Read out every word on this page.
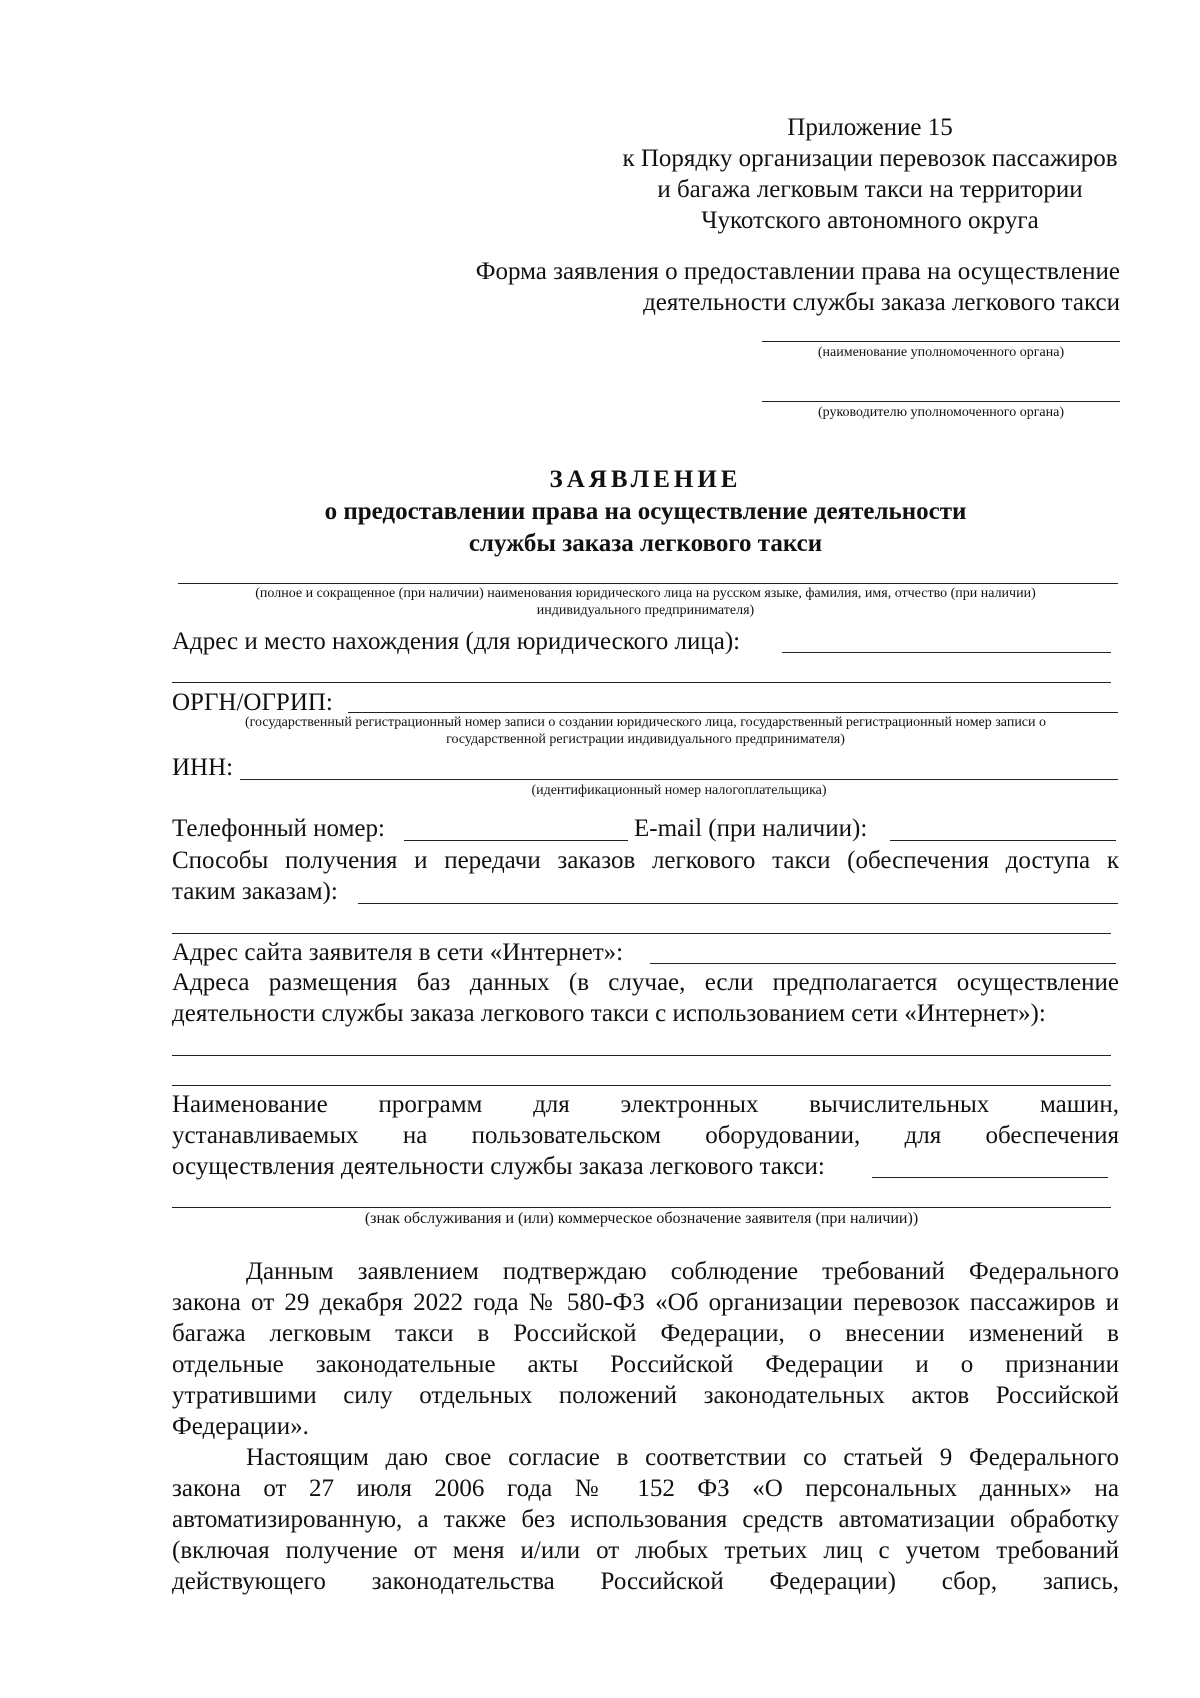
Приложение 15
к Порядку организации перевозок пассажиров
и багажа легковым такси на территории
Чукотского автономного округа
Форма заявления о предоставлении права на осуществление
деятельности службы заказа легкового такси
(наименование уполномоченного органа)
(руководителю уполномоченного органа)
ЗАЯВЛЕНИЕ
о предоставлении права на осуществление деятельности
службы заказа легкового такси
(полное и сокращенное (при наличии) наименования юридического лица на русском языке, фамилия, имя, отчество (при наличии)
индивидуального предпринимателя)
Адрес и место нахождения (для юридического лица):
ОРГН/ОГРИП:
(государственный регистрационный номер записи о создании юридического лица, государственный регистрационный номер записи о
государственной регистрации индивидуального предпринимателя)
ИНН:
(идентификационный номер налогоплательщика)
Телефонный номер:	E-mail (при наличии):
Способы получения и передачи заказов легкового такси (обеспечения доступа к
таким заказам):
Адрес сайта заявителя в сети «Интернет»:
Адреса размещения баз данных (в случае, если предполагается осуществление
деятельности службы заказа легкового такси с использованием сети «Интернет»):
Наименование программ для электронных вычислительных машин,
устанавливаемых на пользовательском оборудовании, для обеспечения
осуществления деятельности службы заказа легкового такси:
(знак обслуживания и (или) коммерческое обозначение заявителя (при наличии))
Данным заявлением подтверждаю соблюдение требований Федерального
закона от 29 декабря 2022 года № 580-ФЗ «Об организации перевозок пассажиров и
багажа легковым такси в Российской Федерации, о внесении изменений в
отдельные законодательные акты Российской Федерации и о признании
утратившими силу отдельных положений законодательных актов Российской
Федерации».
Настоящим даю свое согласие в соответствии со статьей 9 Федерального
закона от 27 июля 2006 года № 152 ФЗ «О персональных данных» на
автоматизированную, а также без использования средств автоматизации обработку
(включая получение от меня и/или от любых третьих лиц с учетом требований
действующего законодательства Российской Федерации) сбор, запись,
